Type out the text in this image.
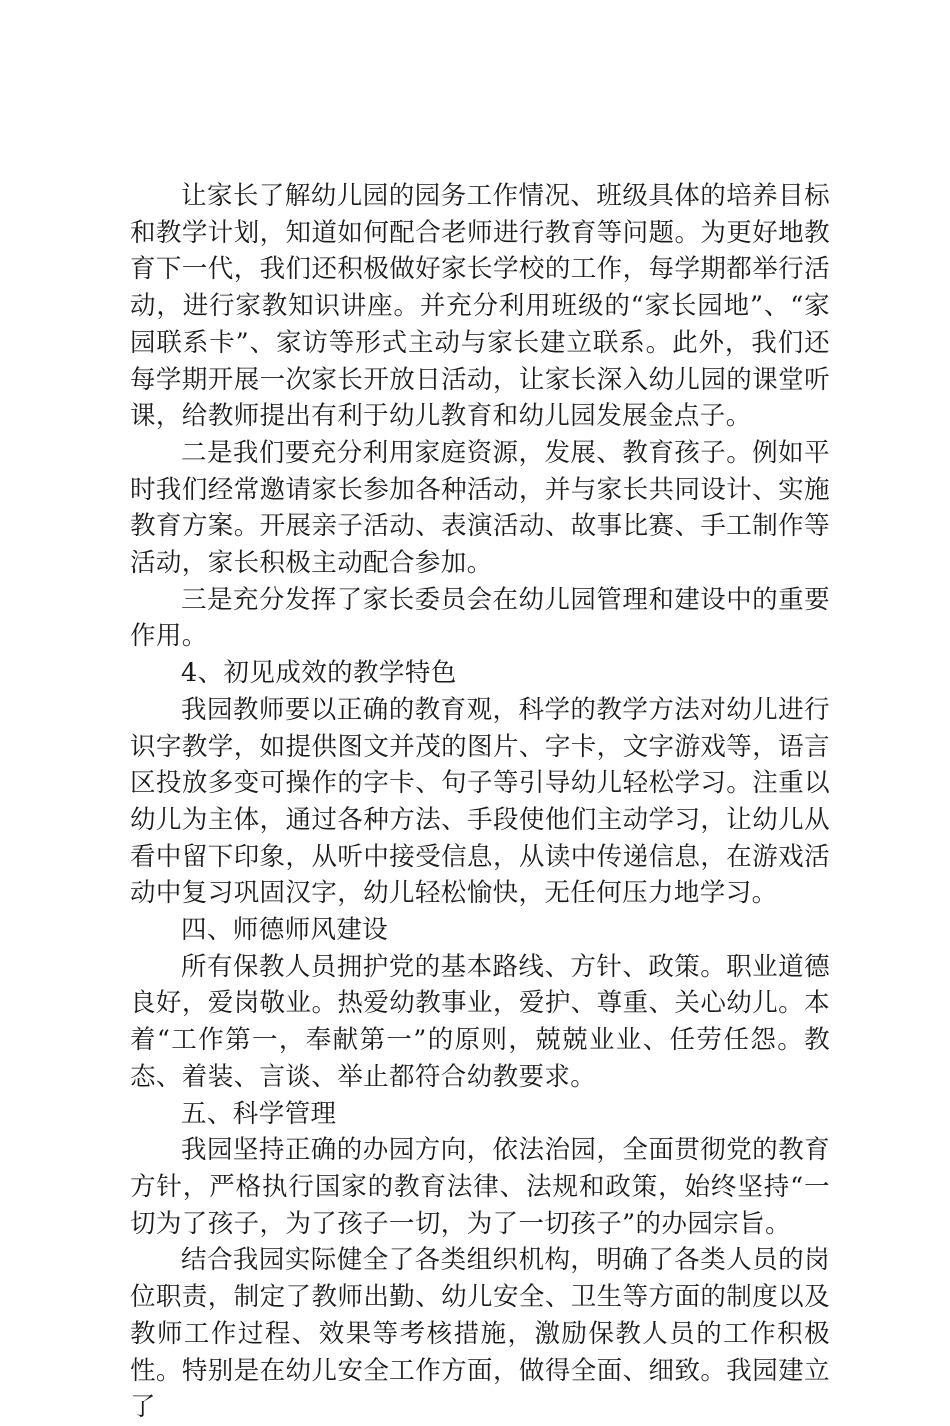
让家长了解幼儿园的园务工作情况、班级具体的培养目标和教学计划，知道如何配合老师进行教育等问题。为更好地教育下一代，我们还积极做好家长学校的工作，每学期都举行活动，进行家教知识讲座。并充分利用班级的“家长园地”、“家园联系卡”、家访等形式主动与家长建立联系。此外，我们还每学期开展一次家长开放日活动，让家长深入幼儿园的课堂听课，给教师提出有利于幼儿教育和幼儿园发展金点子。

二是我们要充分利用家庭资源，发展、教育孩子。例如平时我们经常邀请家长参加各种活动，并与家长共同设计、实施教育方案。开展亲子活动、表演活动、故事比赛、手工制作等活动，家长积极主动配合参加。

三是充分发挥了家长委员会在幼儿园管理和建设中的重要作用。

4、初见成效的教学特色

我园教师要以正确的教育观，科学的教学方法对幼儿进行识字教学，如提供图文并茂的图片、字卡，文字游戏等，语言区投放多变可操作的字卡、句子等引导幼儿轻松学习。注重以幼儿为主体，通过各种方法、手段使他们主动学习，让幼儿从看中留下印象，从听中接受信息，从读中传递信息，在游戏活动中复习巩固汉字，幼儿轻松愉快，无任何压力地学习。

四、师德师风建设

所有保教人员拥护党的基本路线、方针、政策。职业道德良好，爱岗敬业。热爱幼教事业，爱护、尊重、关心幼儿。本着“工作第一，奉献第一”的原则，兢兢业业、任劳任怨。教态、着装、言谈、举止都符合幼教要求。

五、科学管理

我园坚持正确的办园方向，依法治园，全面贯彻党的教育方针，严格执行国家的教育法律、法规和政策，始终坚持“一切为了孩子，为了孩子一切，为了一切孩子”的办园宗旨。

结合我园实际健全了各类组织机构，明确了各类人员的岗位职责，制定了教师出勤、幼儿安全、卫生等方面的制度以及教师工作过程、效果等考核措施，激励保教人员的工作积极性。特别是在幼儿安全工作方面，做得全面、细致。我园建立了
